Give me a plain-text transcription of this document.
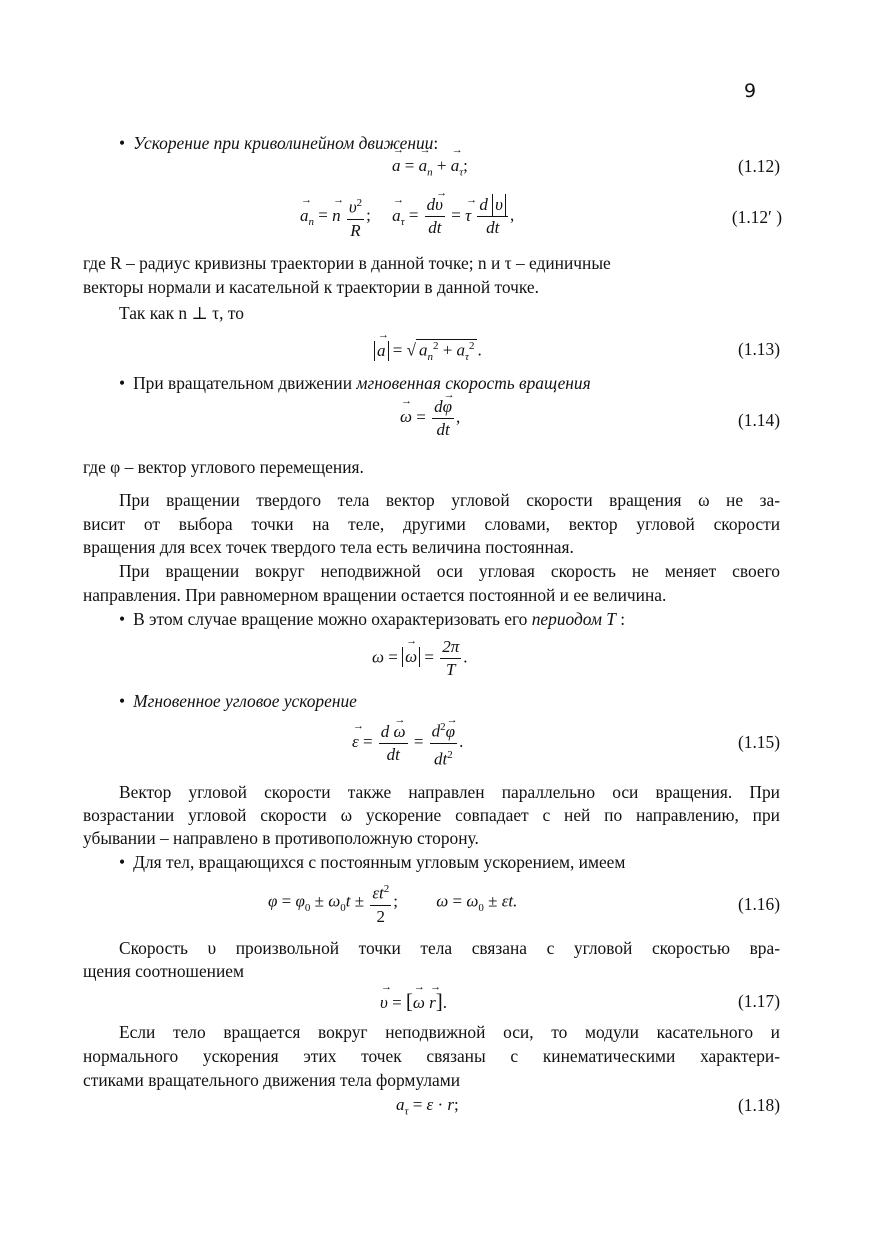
9
• Ускорение при криволинейном движении:
→ a = → $a_n$ + → $a_\tau$;	(1.12)
→ $a_n$ = → n $\frac{\upsilon^2}{R}$ ; → $a_\tau = \frac{d\to \upsilon}{dt}$ = → τ $\frac{\text{d υ}}{dt}$ ,	(1.12′ )
где R – радиус кривизны траектории в данной точке; n и τ – единичные
векторы нормали и касательной к траектории в данной точке.
Так как n ⊥ τ, то
→ a = √ $a_n^2 + a_\tau^2$ .	(1.13)
• При вращательном движении мгновенная скорость вращения
→ $\omega = \frac{d\to \varphi}{dt}$ ,	(1.14)
где φ – вектор углового перемещения.
При вращении твердого тела вектор угловой скорости вращения ω не за-
висит от выбора точки на теле, другими словами, вектор угловой скорости
вращения для всех точек твердого тела есть величина постоянная.
При вращении вокруг неподвижной оси угловая скорость не меняет своего
направления. При равномерном вращении остается постоянной и ее величина.
• В этом случае вращение можно охарактеризовать его периодом T :
ω = → $\omega = \frac{2\pi}{T}$ .
• Мгновенное угловое ускорение
→ $\varepsilon = \frac{d \to \omega}{dt} = \frac{d^2\to \varphi}{dt^2}$ .	(1.15)
Вектор угловой скорости также направлен параллельно оси вращения. При
возрастании угловой скорости ω ускорение совпадает с ней по направлению, при
убывании – направлено в противоположную сторону.
• Для тел, вращающихся с постоянным угловым ускорением, имеем
$\varphi = \varphi_0 \pm \omega_0t \pm \frac{\varepsilon t^2}{2}$ ; $\omega = \omega_0 \pm \varepsilon t$.	(1.16)
Скорость υ произвольной точки тела связана с угловой скоростью вра-
щения соотношением
→ υ = [→ ω → r].	(1.17)
Если тело вращается вокруг неподвижной оси, то модули касательного и
нормального ускорения этих точек связаны с кинематическими характери-
стиками вращательного движения тела формулами
$a_\tau = \varepsilon \cdot r$;	(1.18)
